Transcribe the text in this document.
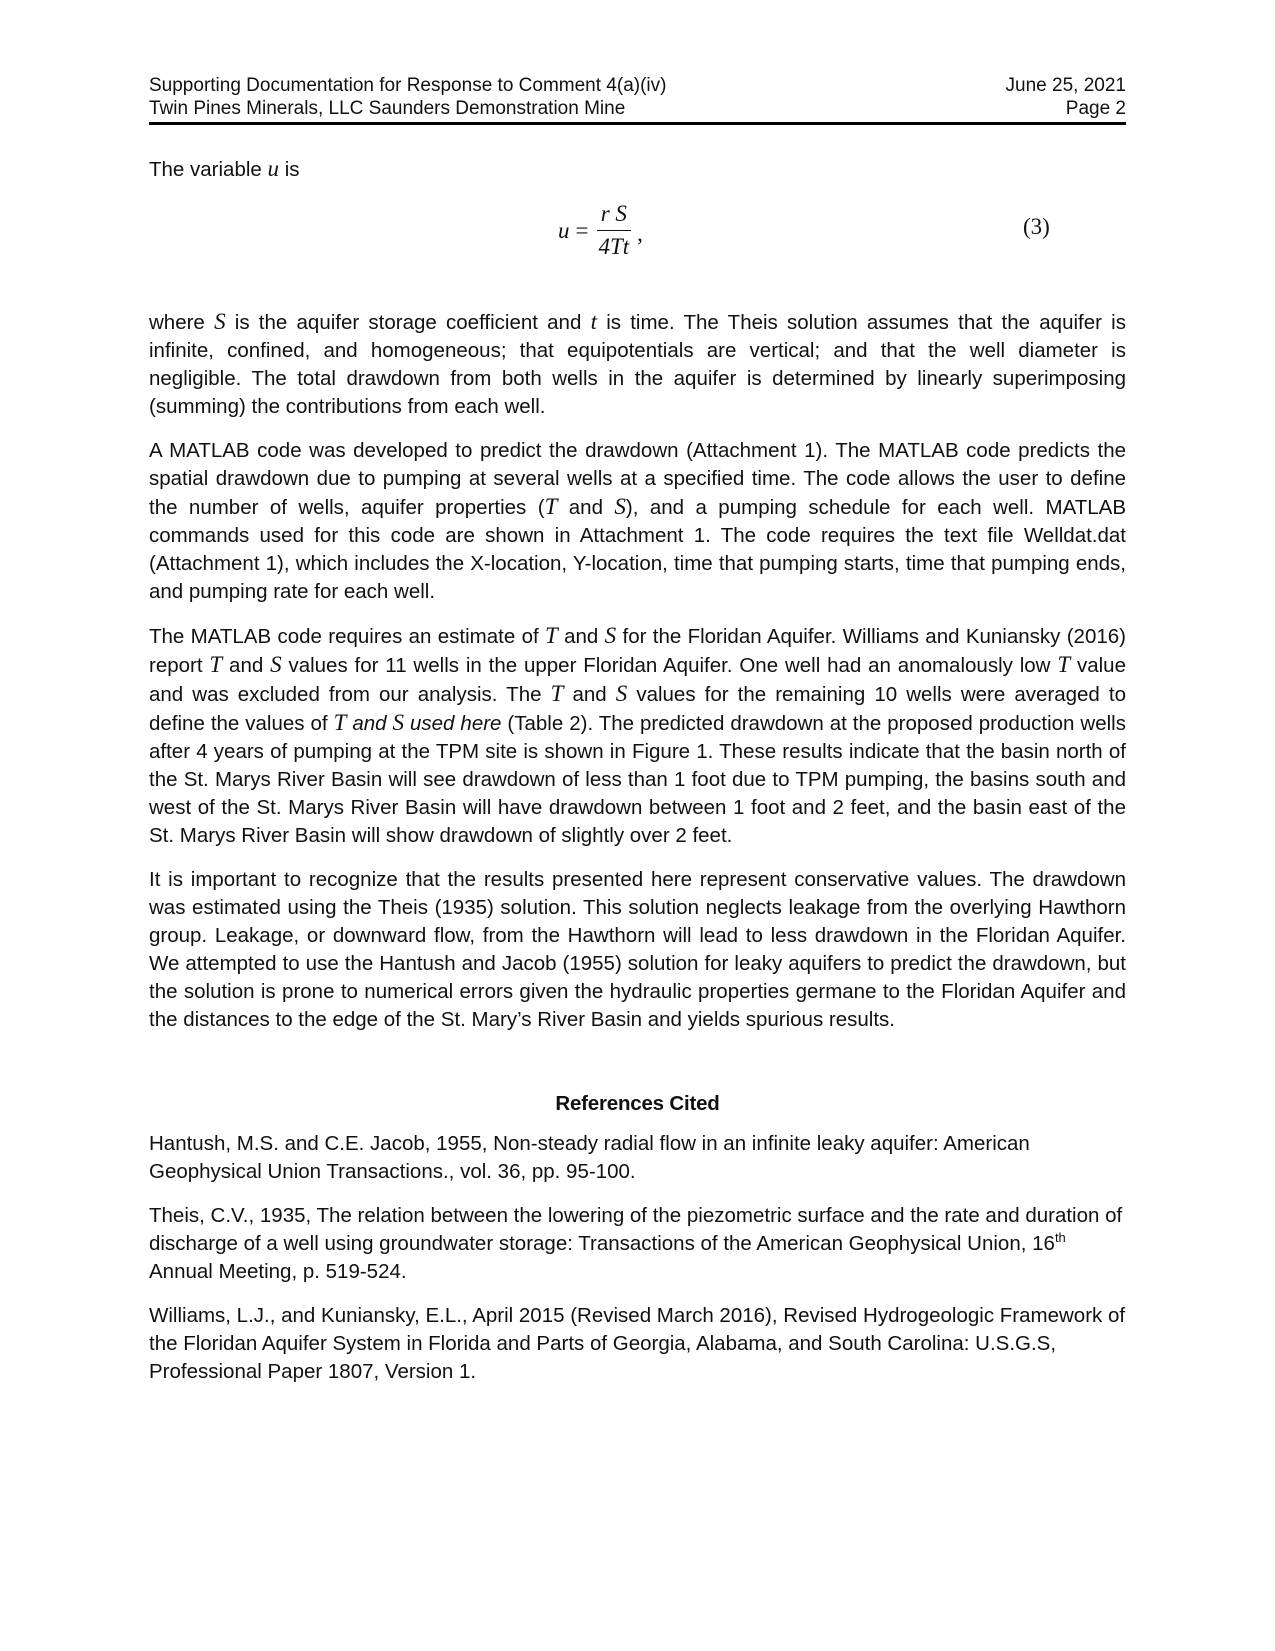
Supporting Documentation for Response to Comment 4(a)(iv)
Twin Pines Minerals, LLC Saunders Demonstration Mine
June 25, 2021
Page 2
The variable u is
$u = \frac{\text{r S}}{4Tt}$ ,	(3)

where S is the aquifer storage coefficient and t is time. The Theis solution assumes that the aquifer is infinite, confined, and homogeneous; that equipotentials are vertical; and that the well diameter is negligible. The total drawdown from both wells in the aquifer is determined by linearly superimposing (summing) the contributions from each well.

A MATLAB code was developed to predict the drawdown (Attachment 1). The MATLAB code predicts the spatial drawdown due to pumping at several wells at a specified time. The code allows the user to define the number of wells, aquifer properties (T and S), and a pumping schedule for each well. MATLAB commands used for this code are shown in Attachment 1. The code requires the text file Welldat.dat (Attachment 1), which includes the X-location, Y-location, time that pumping starts, time that pumping ends, and pumping rate for each well.

The MATLAB code requires an estimate of T and S for the Floridan Aquifer. Williams and Kuniansky (2016) report T and S values for 11 wells in the upper Floridan Aquifer. One well had an anomalously low T value and was excluded from our analysis. The T and S values for the remaining 10 wells were averaged to define the values of T and S used here (Table 2). The predicted drawdown at the proposed production wells after 4 years of pumping at the TPM site is shown in Figure 1. These results indicate that the basin north of the St. Marys River Basin will see drawdown of less than 1 foot due to TPM pumping, the basins south and west of the St. Marys River Basin will have drawdown between 1 foot and 2 feet, and the basin east of the St. Marys River Basin will show drawdown of slightly over 2 feet.

It is important to recognize that the results presented here represent conservative values. The drawdown was estimated using the Theis (1935) solution. This solution neglects leakage from the overlying Hawthorn group. Leakage, or downward flow, from the Hawthorn will lead to less drawdown in the Floridan Aquifer. We attempted to use the Hantush and Jacob (1955) solution for leaky aquifers to predict the drawdown, but the solution is prone to numerical errors given the hydraulic properties germane to the Floridan Aquifer and the distances to the edge of the St. Mary’s River Basin and yields spurious results.

References Cited
Hantush, M.S. and C.E. Jacob, 1955, Non-steady radial flow in an infinite leaky aquifer: American Geophysical Union Transactions., vol. 36, pp. 95-100.
Theis, C.V., 1935, The relation between the lowering of the piezometric surface and the rate and duration of discharge of a well using groundwater storage: Transactions of the American Geophysical Union, 16th Annual Meeting, p. 519-524.
Williams, L.J., and Kuniansky, E.L., April 2015 (Revised March 2016), Revised Hydrogeologic Framework of the Floridan Aquifer System in Florida and Parts of Georgia, Alabama, and South Carolina: U.S.G.S, Professional Paper 1807, Version 1.
